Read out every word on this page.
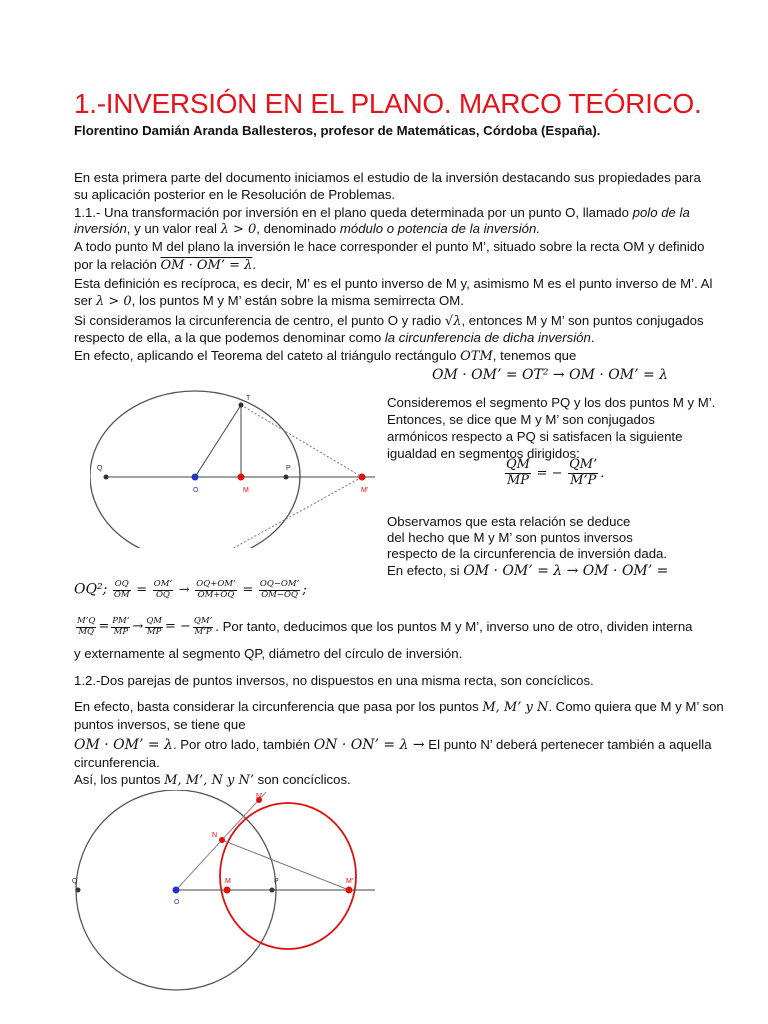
1.-INVERSIÓN EN EL PLANO. MARCO TEÓRICO.
Florentino Damián Aranda Ballesteros, profesor de Matemáticas, Córdoba (España).
En esta primera parte del documento iniciamos el estudio de la inversión destacando sus propiedades para
su aplicación posterior en le Resolución de Problemas.
1.1.- Una transformación por inversión en el plano queda determinada por un punto O, llamado polo de la
inversión, y un valor real λ > 0, denominado módulo o potencia de la inversión.
A todo punto M del plano la inversión le hace corresponder el punto M’, situado sobre la recta OM y definido
por la relación OM · OM’ = λ.
Esta definición es recíproca, es decir, M’ es el punto inverso de M y, asimismo M es el punto inverso de M’. Al
ser λ > 0, los puntos M y M’ están sobre la misma semirrecta OM.
Si consideramos la circunferencia de centro, el punto O y radio √λ, entonces M y M’ son puntos conjugados
respecto de ella, a la que podemos denominar como la circunferencia de dicha inversión.
En efecto, aplicando el Teorema del cateto al triángulo rectángulo OTM, tenemos que
OM · OM’ = OT² → OM · OM’ = λ
Q
O	M
P
T
M'
Consideremos el segmento PQ y los dos puntos M y M’.
Entonces, se dice que M y M’ son conjugados
armónicos respecto a PQ si satisfacen la siguiente
igualdad en segmentos dirigidos:
$\frac{QM}{MP}$ = − $\frac{QM’}{M’P}$ .
Observamos que esta relación se deduce
del hecho que M y M’ son puntos inversos
respecto de la circunferencia de inversión dada.
En efecto, si OM · OM’ = λ → OM · OM’ =
OQ²; $\frac{OQ}{OM} = \frac{OM’}{OQ} \to \frac{OQ+OM’}{OM+OQ} = \frac{OQ-OM’}{OM-OQ}$ ;
$\frac{M’Q}{MQ} = \frac{PM’}{MP} \to \frac{QM}{MP}$ = − $\frac{QM’}{M’P}$ . Por tanto, deducimos que los puntos M y M’, inverso uno de otro, dividen interna
y externamente al segmento QP, diámetro del círculo de inversión.
1.2.-Dos parejas de puntos inversos, no dispuestos en una misma recta, son concíclicos.
En efecto, basta considerar la circunferencia que pasa por los puntos M, M’ y N. Como quiera que M y M’ son
puntos inversos, se tiene que
OM · OM’ = λ. Por otro lado, también ON · ON’ = λ → El punto N’ deberá pertenecer también a aquella
circunferencia.
Así, los puntos M, M’, N y N’ son concíclicos.
Q
O
M	P	M'
N
N'
